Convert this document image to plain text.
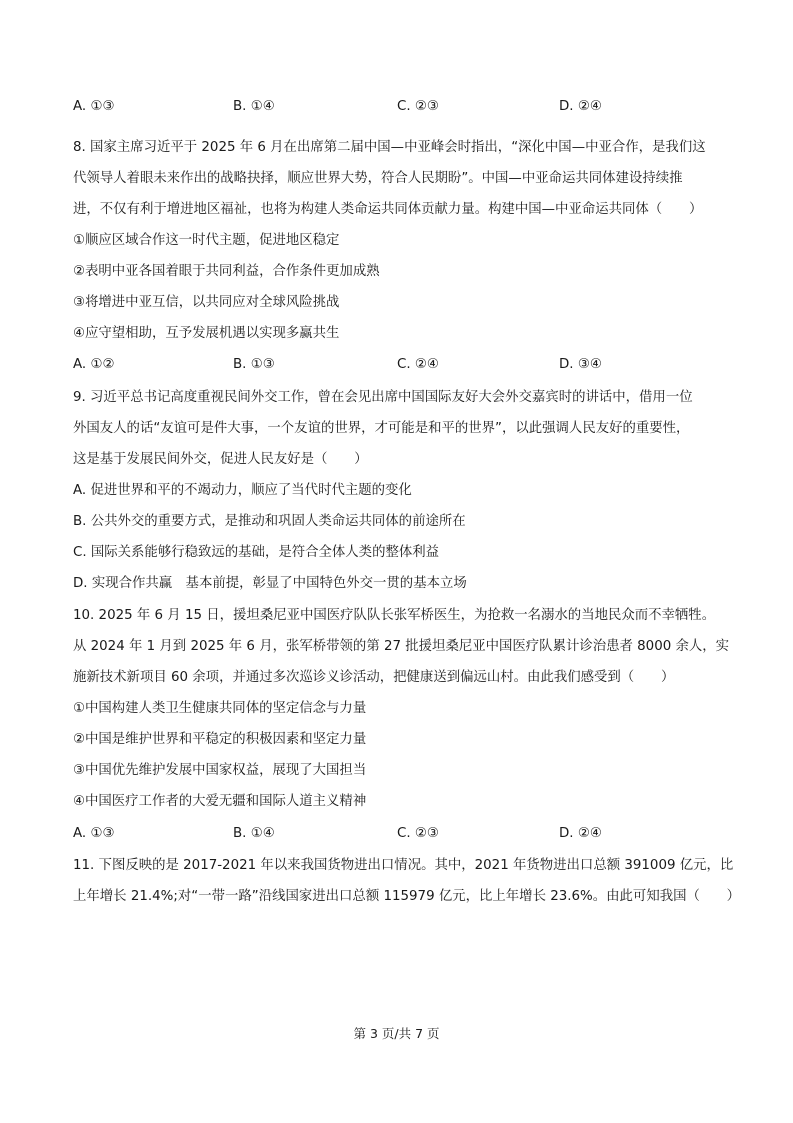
A. ①③	B. ①④	C. ②③	D. ②④
8. 国家主席习近平于 2025 年 6 月在出席第二届中国—中亚峰会时指出，“深化中国—中亚合作，是我们这
代领导人着眼未来作出的战略抉择，顺应世界大势，符合人民期盼”。中国—中亚命运共同体建设持续推
进，不仅有利于增进地区福祉，也将为构建人类命运共同体贡献力量。构建中国—中亚命运共同体（　　）
①顺应区域合作这一时代主题，促进地区稳定
②表明中亚各国着眼于共同利益，合作条件更加成熟
③将增进中亚互信，以共同应对全球风险挑战
④应守望相助，互予发展机遇以实现多赢共生
A. ①②	B. ①③	C. ②④	D. ③④
9. 习近平总书记高度重视民间外交工作，曾在会见出席中国国际友好大会外交嘉宾时的讲话中，借用一位
外国友人的话“友谊可是件大事，一个友谊的世界，才可能是和平的世界”，以此强调人民友好的重要性，
这是基于发展民间外交，促进人民友好是（　　）
A. 促进世界和平的不竭动力，顺应了当代时代主题的变化
B. 公共外交的重要方式，是推动和巩固人类命运共同体的前途所在
C. 国际关系能够行稳致远的基础，是符合全体人类的整体利益
D. 实现合作共赢　基本前提，彰显了中国特色外交一贯的基本立场
10. 2025 年 6 月 15 日，援坦桑尼亚中国医疗队队长张军桥医生，为抢救一名溺水的当地民众而不幸牺牲。
从 2024 年 1 月到 2025 年 6 月，张军桥带领的第 27 批援坦桑尼亚中国医疗队累计诊治患者 8000 余人，实
施新技术新项目 60 余项，并通过多次巡诊义诊活动，把健康送到偏远山村。由此我们感受到（　　）
①中国构建人类卫生健康共同体的坚定信念与力量
②中国是维护世界和平稳定的积极因素和坚定力量
③中国优先维护发展中国家权益，展现了大国担当
④中国医疗工作者的大爱无疆和国际人道主义精神
A. ①③	B. ①④	C. ②③	D. ②④
11. 下图反映的是 2017-2021 年以来我国货物进出口情况。其中，2021 年货物进出口总额 391009 亿元，比
上年增长 21.4%;对“一带一路”沿线国家进出口总额 115979 亿元，比上年增长 23.6%。由此可知我国（　　）
第 3 页/共 7 页
